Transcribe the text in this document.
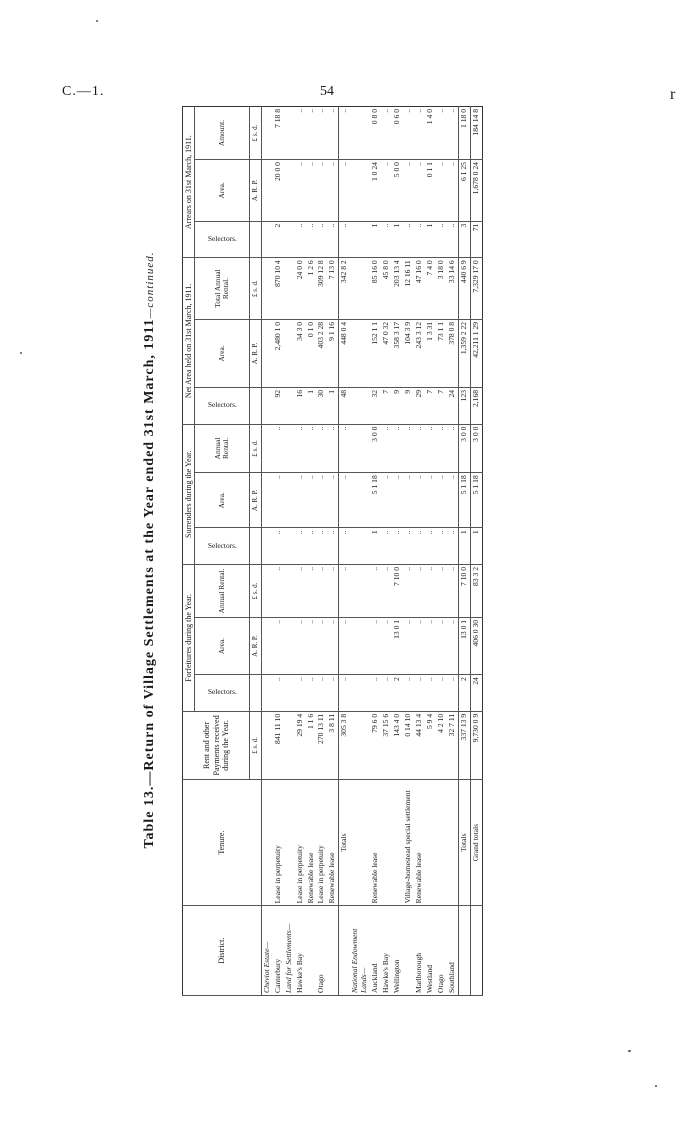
C.—1.	54	r
Table 13.—Return of Village Settlements at the Year ended 31st March, 1911—continued.
District.	Tenure.	Rent and other Payments received during the Year.	Forfeitures during the Year.			Surrenders during the Year.			Net Area held on 31st March, 1911.			Arrears on 31st March, 1911.		
			Selectors.	Area.	Annual Rental.	Selectors.	Area.	Annual Rental.	Selectors.	Area.	Total Annual Rental.	Selectors.	Area.	Amount.
		£ s. d.		A. R. P.	£ s. d.		A. R. P.	£ s. d.		A. R. P.	£ s. d.		A. R. P.	£ s. d.
Cheviot Estate—														
Canterbury	Lease in perpetuity	841 11 10	..	..	..	..	..	..	92	2,480 1 0	870 10 4	2	20 0 0	7 18 8
Land for Settlements—														
Hawke's Bay	Lease in perpetuity	29 19 4	..	..	..	..	..	..	16	34 3 0	24 0 0	..	..	..
	Renewable lease	1 1 6	..	..	..	..	..	..	1	0 1 0	1 2 6	..	..	..
Otago	Lease in perpetuity	270 13 11	..	..	..	..	..	..	30	403 2 28	309 12 8	..	..	..
	Renewable lease	3 8 11	..	..	..	..	..	..	1	9 1 16	7 13 0	..	..	..
	Totals	305 3 8	..	..	..	..	..	..	48	448 0 4	342 8 2	..	..	..
National Endowment Lands—														
Auckland	Renewable lease	79 6 0	..	..	..	1	5 1 18	3 0 0	32	152 1 1	85 16 0	1	1 0 24	0 8 0
Hawke's Bay		37 15 6	..	..	..	..	..	..	7	47 0 32	45 8 0	..	..	..
Wellington		143 4 0	2	13 0 1	7 10 0	..	..	..	9	358 3 17	203 13 4	1	5 0 0	0 6 0
	Village-homestead special settlement	0 14 10	..	..	..	..	..	..	9	104 3 9	12 16 11	..	..	..
Marlborough	Renewable lease	44 13 4	..	..	..	..	..	..	29	243 3 12	47 16 0	..	..	..
Westland		5 9 4	..	..	..	..	..	..	7	1 3 31	7 4 0	1	0 1 1	1 4 0
Otago		4 2 10	..	..	..	..	..	..	7	73 1 1	3 18 0	..	..	..
Southland		32 7 11	..	..	..	..	..	..	24	378 0 8	33 14 6	..	..	..
	Totals	337 13 9	2	13 0 1	7 10 0	1	5 1 18	3 0 0	123	1,359 2 22	440 6 9	3	6 1 25	1 18 0
	Grand totals	9,730 0 9	24	406 0 30	83 3 2	1	5 1 18	3 0 0	2,168	42,211 1 29	7,329 17 0	71	1,678 0 24	184 14 8
